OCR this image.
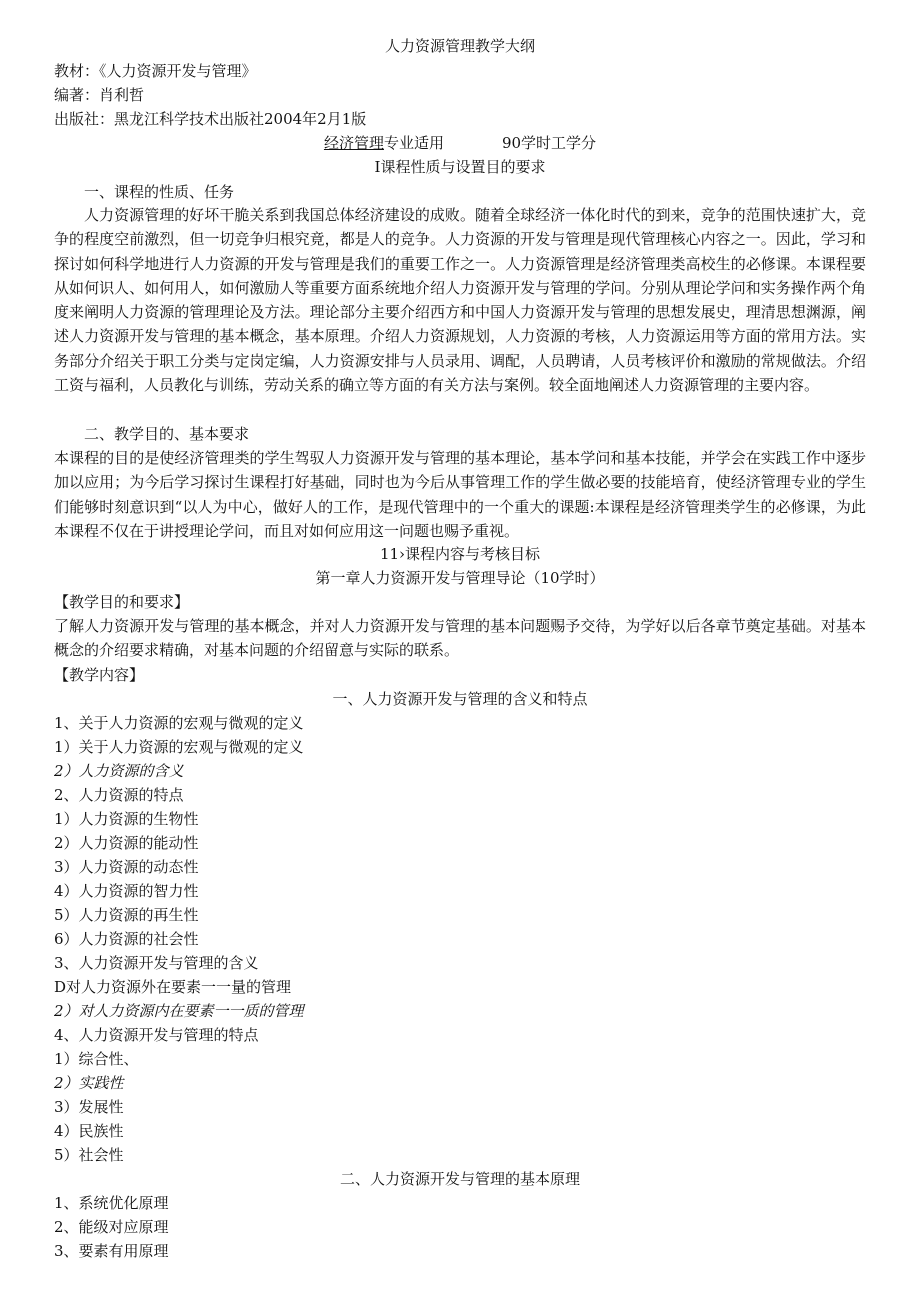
人力资源管理教学大纲
教材：《人力资源开发与管理》
编著：肖利哲
出版社：黑龙江科学技术出版社2004年2月1版
经济管理专业适用	90学时工学分
I课程性质与设置目的要求
一、课程的性质、任务

人力资源管理的好坏干脆关系到我国总体经济建设的成败。随着全球经济一体化时代的到来，竞争的范围快速扩大，竞争的程度空前激烈，但一切竞争归根究竟，都是人的竞争。人力资源的开发与管理是现代管理核心内容之一。因此，学习和探讨如何科学地进行人力资源的开发与管理是我们的重要工作之一。人力资源管理是经济管理类高校生的必修课。本课程要从如何识人、如何用人，如何激励人等重要方面系统地介绍人力资源开发与管理的学问。分别从理论学问和实务操作两个角度来阐明人力资源的管理理论及方法。理论部分主要介绍西方和中国人力资源开发与管理的思想发展史，理清思想渊源，阐述人力资源开发与管理的基本概念，基本原理。介绍人力资源规划，人力资源的考核，人力资源运用等方面的常用方法。实务部分介绍关于职工分类与定岗定编，人力资源安排与人员录用、调配，人员聘请，人员考核评价和激励的常规做法。介绍工资与福利，人员教化与训练，劳动关系的确立等方面的有关方法与案例。较全面地阐述人力资源管理的主要内容。

二、教学目的、基本要求

本课程的目的是使经济管理类的学生驾驭人力资源开发与管理的基本理论，基本学问和基本技能，并学会在实践工作中逐步加以应用；为今后学习探讨生课程打好基础，同时也为今后从事管理工作的学生做必要的技能培育，使经济管理专业的学生们能够时刻意识到“以人为中心，做好人的工作，是现代管理中的一个重大的课题:本课程是经济管理类学生的必修课，为此本课程不仅在于讲授理论学问，而且对如何应用这一问题也赐予重视。

11›课程内容与考核目标
第一章人力资源开发与管理导论（10学时）
【教学目的和要求】

了解人力资源开发与管理的基本概念，并对人力资源开发与管理的基本问题赐予交待，为学好以后各章节奠定基础。对基本概念的介绍要求精确，对基本问题的介绍留意与实际的联系。

【教学内容】
一、人力资源开发与管理的含义和特点
1、关于人力资源的宏观与微观的定义
1）关于人力资源的宏观与微观的定义
2）人力资源的含义
2、人力资源的特点
1）人力资源的生物性
2）人力资源的能动性
3）人力资源的动态性
4）人力资源的智力性
5）人力资源的再生性
6）人力资源的社会性
3、人力资源开发与管理的含义
D对人力资源外在要素一一量的管理
2）对人力资源内在要素一一质的管理
4、人力资源开发与管理的特点
1）综合性、
2）实践性
3）发展性
4）民族性
5）社会性
二、人力资源开发与管理的基本原理
1、系统优化原理
2、能级对应原理
3、要素有用原理
